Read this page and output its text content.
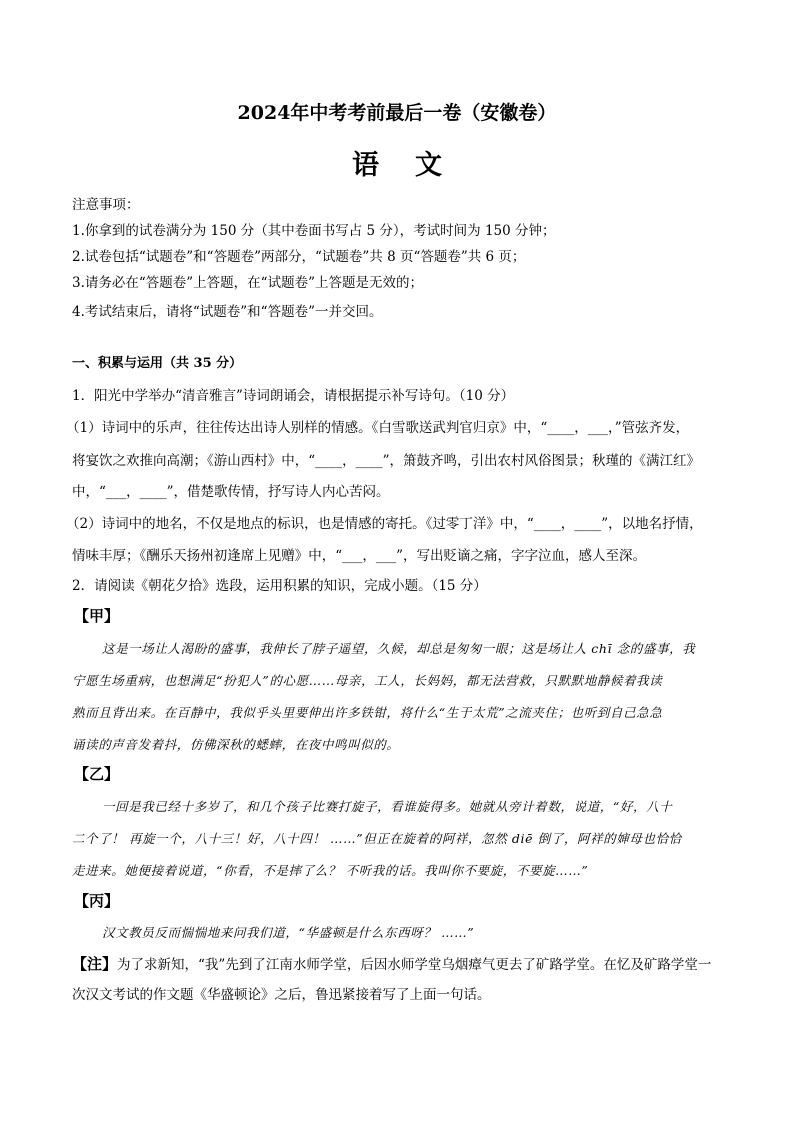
2024年中考考前最后一卷（安徽卷）
语文
注意事项：
1.你拿到的试卷满分为 150 分（其中卷面书写占 5 分），考试时间为 150 分钟；
2.试卷包括“试题卷”和“答题卷”两部分，“试题卷”共 8 页“答题卷”共 6 页；
3.请务必在“答题卷”上答题，在“试题卷”上答题是无效的；
4.考试结束后，请将“试题卷”和“答题卷”一并交回。
一、积累与运用（共 35 分）
1．阳光中学举办“清音雅言”诗词朗诵会，请根据提示补写诗句。（10 分）
（1）诗词中的乐声，往往传达出诗人别样的情感。《白雪歌送武判官归京》中，“____，___，”管弦齐发，
将宴饮之欢推向高潮；《游山西村》中，“____，____”，箫鼓齐鸣，引出农村风俗图景；秋瑾的《满江红》
中，“___，____”，借楚歌传情，抒写诗人内心苦闷。
（2）诗词中的地名，不仅是地点的标识，也是情感的寄托。《过零丁洋》中，“____，____”，以地名抒情，
情味丰厚；《酬乐天扬州初逢席上见赠》中，“___，___”，写出贬谪之痛，字字泣血，感人至深。
2．请阅读《朝花夕拾》选段，运用积累的知识，完成小题。（15 分）
【甲】
这是一场让人渴盼的盛事，我伸长了脖子遥望，久候，却总是匆匆一眼；这是场让人 chī 念的盛事，我
宁愿生场重病，也想满足“扮犯人”的心愿……母亲，工人，长妈妈，都无法营救，只默默地静候着我读
熟而且背出来。在百静中，我似乎头里要伸出许多铁钳，将什么“生于太荒”之流夹住；也听到自己急急
诵读的声音发着抖，仿佛深秋的蟋蟀，在夜中鸣叫似的。
【乙】
一回是我已经十多岁了，和几个孩子比赛打旋子，看谁旋得多。她就从旁计着数，说道，“好，八十
二个了！ 再旋一个，八十三！好，八十四！ ……”但正在旋着的阿祥，忽然 diē 倒了，阿祥的婶母也恰恰
走进来。她便接着说道，“你看，不是摔了么？ 不听我的话。我叫你不要旋，不要旋……”
【丙】
汉文教员反而惴惴地来问我们道，“华盛顿是什么东西呀？ ……”
【注】为了求新知，“我”先到了江南水师学堂，后因水师学堂乌烟瘴气更去了矿路学堂。在忆及矿路学堂一
次汉文考试的作文题《华盛顿论》之后，鲁迅紧接着写了上面一句话。
